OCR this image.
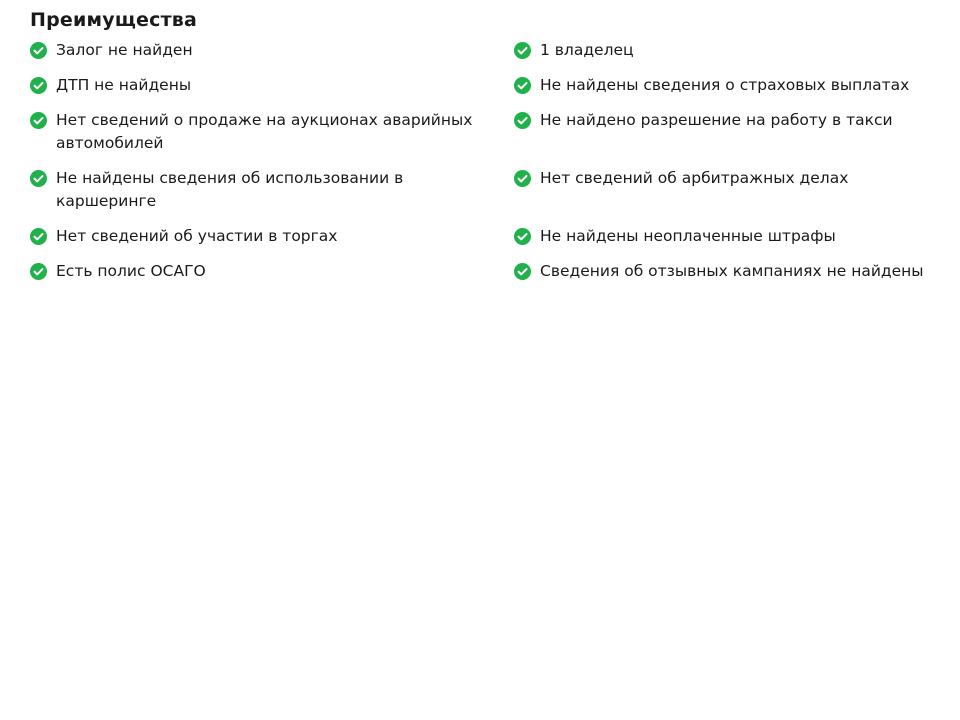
Преимущества
Залог не найден
ДТП не найдены
Нет сведений о продаже на аукционах аварийных автомобилей
Не найдены сведения об использовании в каршеринге
Нет сведений об участии в торгах
Есть полис ОСАГО
1 владелец
Не найдены сведения о страховых выплатах
Не найдено разрешение на работу в такси
Нет сведений об арбитражных делах
Не найдены неоплаченные штрафы
Сведения об отзывных кампаниях не найдены
